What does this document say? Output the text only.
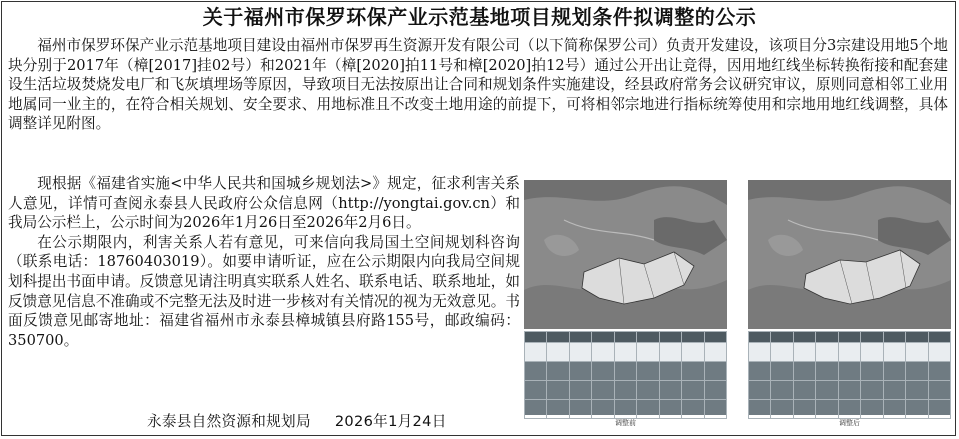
关于福州市保罗环保产业示范基地项目规划条件拟调整的公示

福州市保罗环保产业示范基地项目建设由福州市保罗再生资源开发有限公司（以下简称保罗公司）负责开发建设，该项目分3宗建设用地5个地块分别于2017年（樟[2017]挂02号）和2021年（樟[2020]拍11号和樟[2020]拍12号）通过公开出让竞得，因用地红线坐标转换衔接和配套建设生活垃圾焚烧发电厂和飞灰填埋场等原因，导致项目无法按原出让合同和规划条件实施建设，经县政府常务会议研究审议，原则同意相邻工业用地属同一业主的，在符合相关规划、安全要求、用地标准且不改变土地用途的前提下，可将相邻宗地进行指标统筹使用和宗地用地红线调整，具体调整详见附图。

现根据《福建省实施<中华人民共和国城乡规划法>》规定，征求利害关系人意见，详情可查阅永泰县人民政府公众信息网（http://yongtai.gov.cn）和我局公示栏上，公示时间为2026年1月26日至2026年2月6日。

在公示期限内，利害关系人若有意见，可来信向我局国土空间规划科咨询（联系电话：18760403019）。如要申请听证，应在公示期限内向我局空间规划科提出书面申请。反馈意见请注明真实联系人姓名、联系电话、联系地址，如反馈意见信息不准确或不完整无法及时进一步核对有关情况的视为无效意见。书面反馈意见邮寄地址：福建省福州市永泰县樟城镇县府路155号，邮政编码：350700。

永泰县自然资源和规划局 2026年1月24日

									调整前	调整后
